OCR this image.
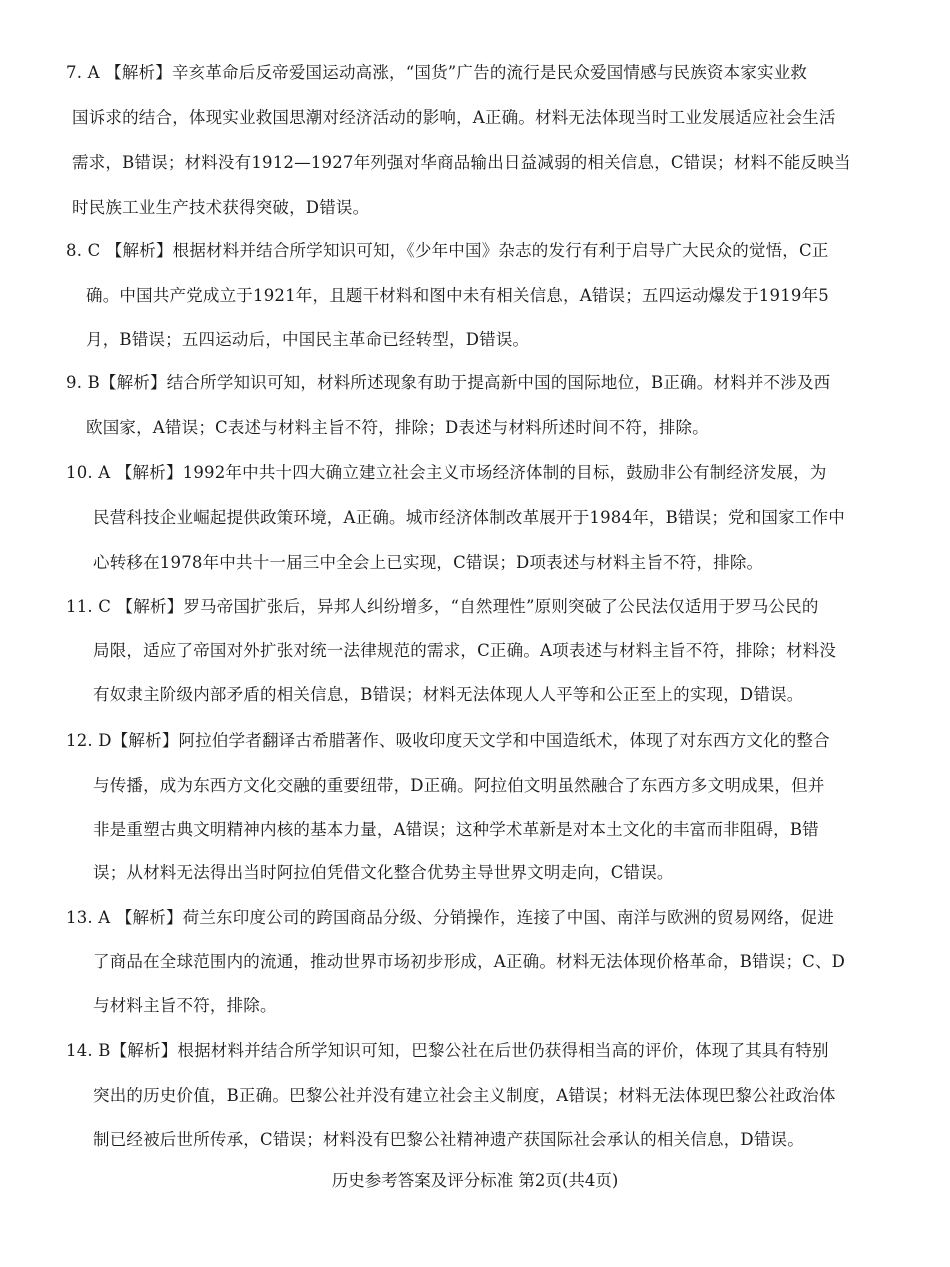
7. A 【解析】辛亥革命后反帝爱国运动高涨，“国货”广告的流行是民众爱国情感与民族资本家实业救
国诉求的结合，体现实业救国思潮对经济活动的影响，A正确。材料无法体现当时工业发展适应社会生活
需求，B错误；材料没有1912—1927年列强对华商品输出日益减弱的相关信息，C错误；材料不能反映当
时民族工业生产技术获得突破，D错误。
8. C 【解析】根据材料并结合所学知识可知，《少年中国》杂志的发行有利于启导广大民众的觉悟，C正
确。中国共产党成立于1921年，且题干材料和图中未有相关信息，A错误；五四运动爆发于1919年5
月，B错误；五四运动后，中国民主革命已经转型，D错误。
9. B【解析】结合所学知识可知，材料所述现象有助于提高新中国的国际地位，B正确。材料并不涉及西
欧国家，A错误；C表述与材料主旨不符，排除；D表述与材料所述时间不符，排除。
10. A 【解析】1992年中共十四大确立建立社会主义市场经济体制的目标，鼓励非公有制经济发展，为
民营科技企业崛起提供政策环境，A正确。城市经济体制改革展开于1984年，B错误；党和国家工作中
心转移在1978年中共十一届三中全会上已实现，C错误；D项表述与材料主旨不符，排除。
11. C 【解析】罗马帝国扩张后，异邦人纠纷增多，“自然理性”原则突破了公民法仅适用于罗马公民的
局限，适应了帝国对外扩张对统一法律规范的需求，C正确。A项表述与材料主旨不符，排除；材料没
有奴隶主阶级内部矛盾的相关信息，B错误；材料无法体现人人平等和公正至上的实现，D错误。
12. D【解析】阿拉伯学者翻译古希腊著作、吸收印度天文学和中国造纸术，体现了对东西方文化的整合
与传播，成为东西方文化交融的重要纽带，D正确。阿拉伯文明虽然融合了东西方多文明成果，但并
非是重塑古典文明精神内核的基本力量，A错误；这种学术革新是对本土文化的丰富而非阻碍，B错
误；从材料无法得出当时阿拉伯凭借文化整合优势主导世界文明走向，C错误。
13. A 【解析】荷兰东印度公司的跨国商品分级、分销操作，连接了中国、南洋与欧洲的贸易网络，促进
了商品在全球范围内的流通，推动世界市场初步形成，A正确。材料无法体现价格革命，B错误；C、D
与材料主旨不符，排除。
14. B【解析】根据材料并结合所学知识可知，巴黎公社在后世仍获得相当高的评价，体现了其具有特别
突出的历史价值，B正确。巴黎公社并没有建立社会主义制度，A错误；材料无法体现巴黎公社政治体
制已经被后世所传承，C错误；材料没有巴黎公社精神遗产获国际社会承认的相关信息，D错误。
历史参考答案及评分标准 第2页(共4页)
